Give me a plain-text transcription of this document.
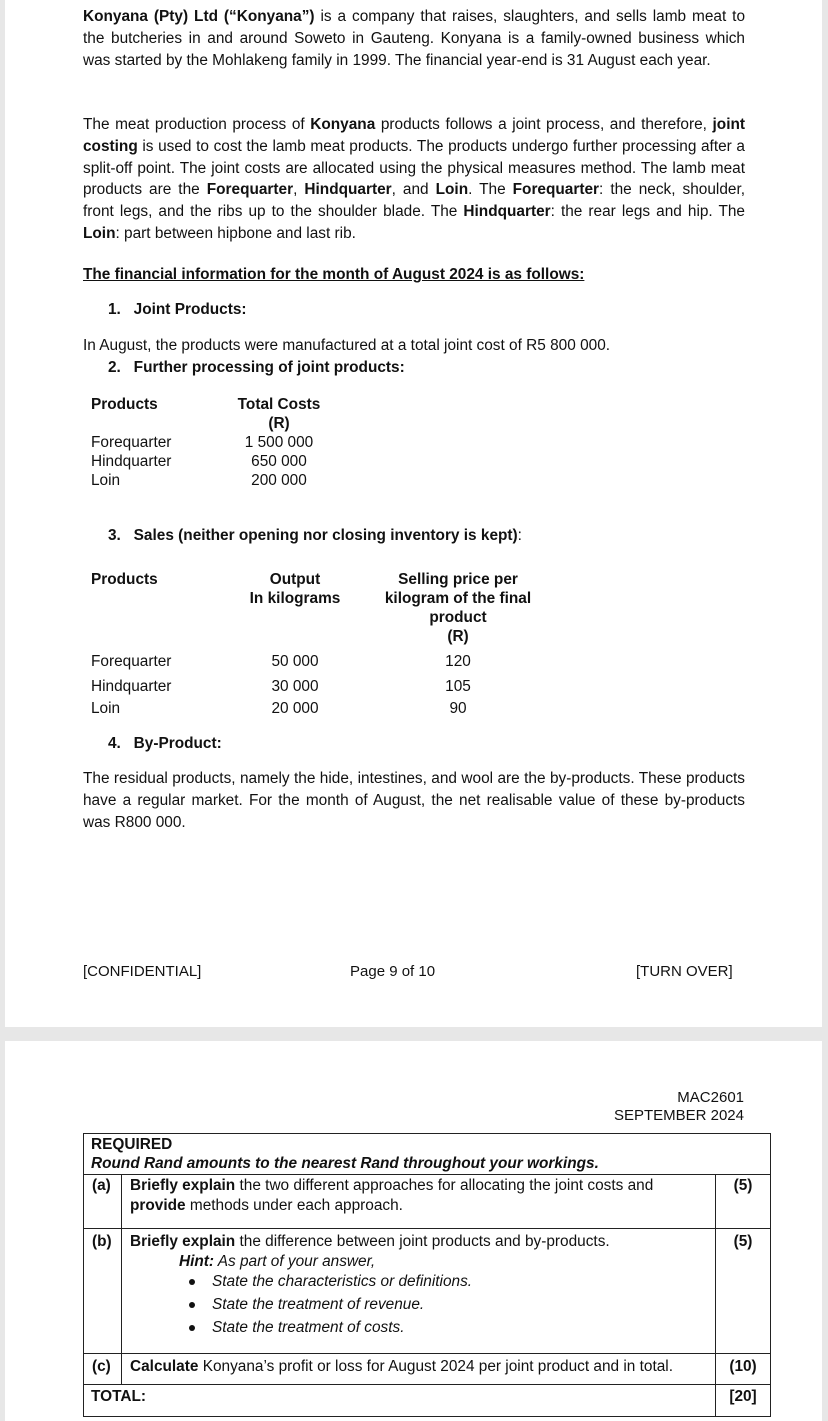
Konyana (Pty) Ltd (“Konyana”) is a company that raises, slaughters, and sells lamb meat to the butcheries in and around Soweto in Gauteng. Konyana is a family-owned business which was started by the Mohlakeng family in 1999. The financial year-end is 31 August each year.

The meat production process of Konyana products follows a joint process, and therefore, joint costing is used to cost the lamb meat products. The products undergo further processing after a split-off point. The joint costs are allocated using the physical measures method. The lamb meat products are the Forequarter, Hindquarter, and Loin. The Forequarter: the neck, shoulder, front legs, and the ribs up to the shoulder blade. The Hindquarter: the rear legs and hip. The Loin: part between hipbone and last rib.

The financial information for the month of August 2024 is as follows:
1. Joint Products:
In August, the products were manufactured at a total joint cost of R5 800 000.
2. Further processing of joint products:
Products	Total Costs
(R)
Forequarter	1 500 000
Hindquarter	650 000
Loin	200 000
3. Sales (neither opening nor closing inventory is kept):
Products	Output
In kilograms
Selling price per
kilogram of the final
product
(R)
Forequarter	50 000	120
Hindquarter	30 000	105
Loin	20 000	90
4. By-Product:

The residual products, namely the hide, intestines, and wool are the by-products. These products have a regular market. For the month of August, the net realisable value of these by-products was R800 000.

[CONFIDENTIAL]	Page 9 of 10	[TURN OVER]
MAC2601
SEPTEMBER 2024
REQUIRED
Round Rand amounts to the nearest Rand throughout your workings.
(a) Briefly explain the two different approaches for allocating the joint costs and provide methods under each approach.
(5)
(b) Briefly explain the difference between joint products and by-products.
Hint: As part of your answer,
State the characteristics or definitions.
State the treatment of revenue.
State the treatment of costs.
(5)
(c) Calculate Konyana’s profit or loss for August 2024 per joint product and in total.	(10)
TOTAL:	[20]
